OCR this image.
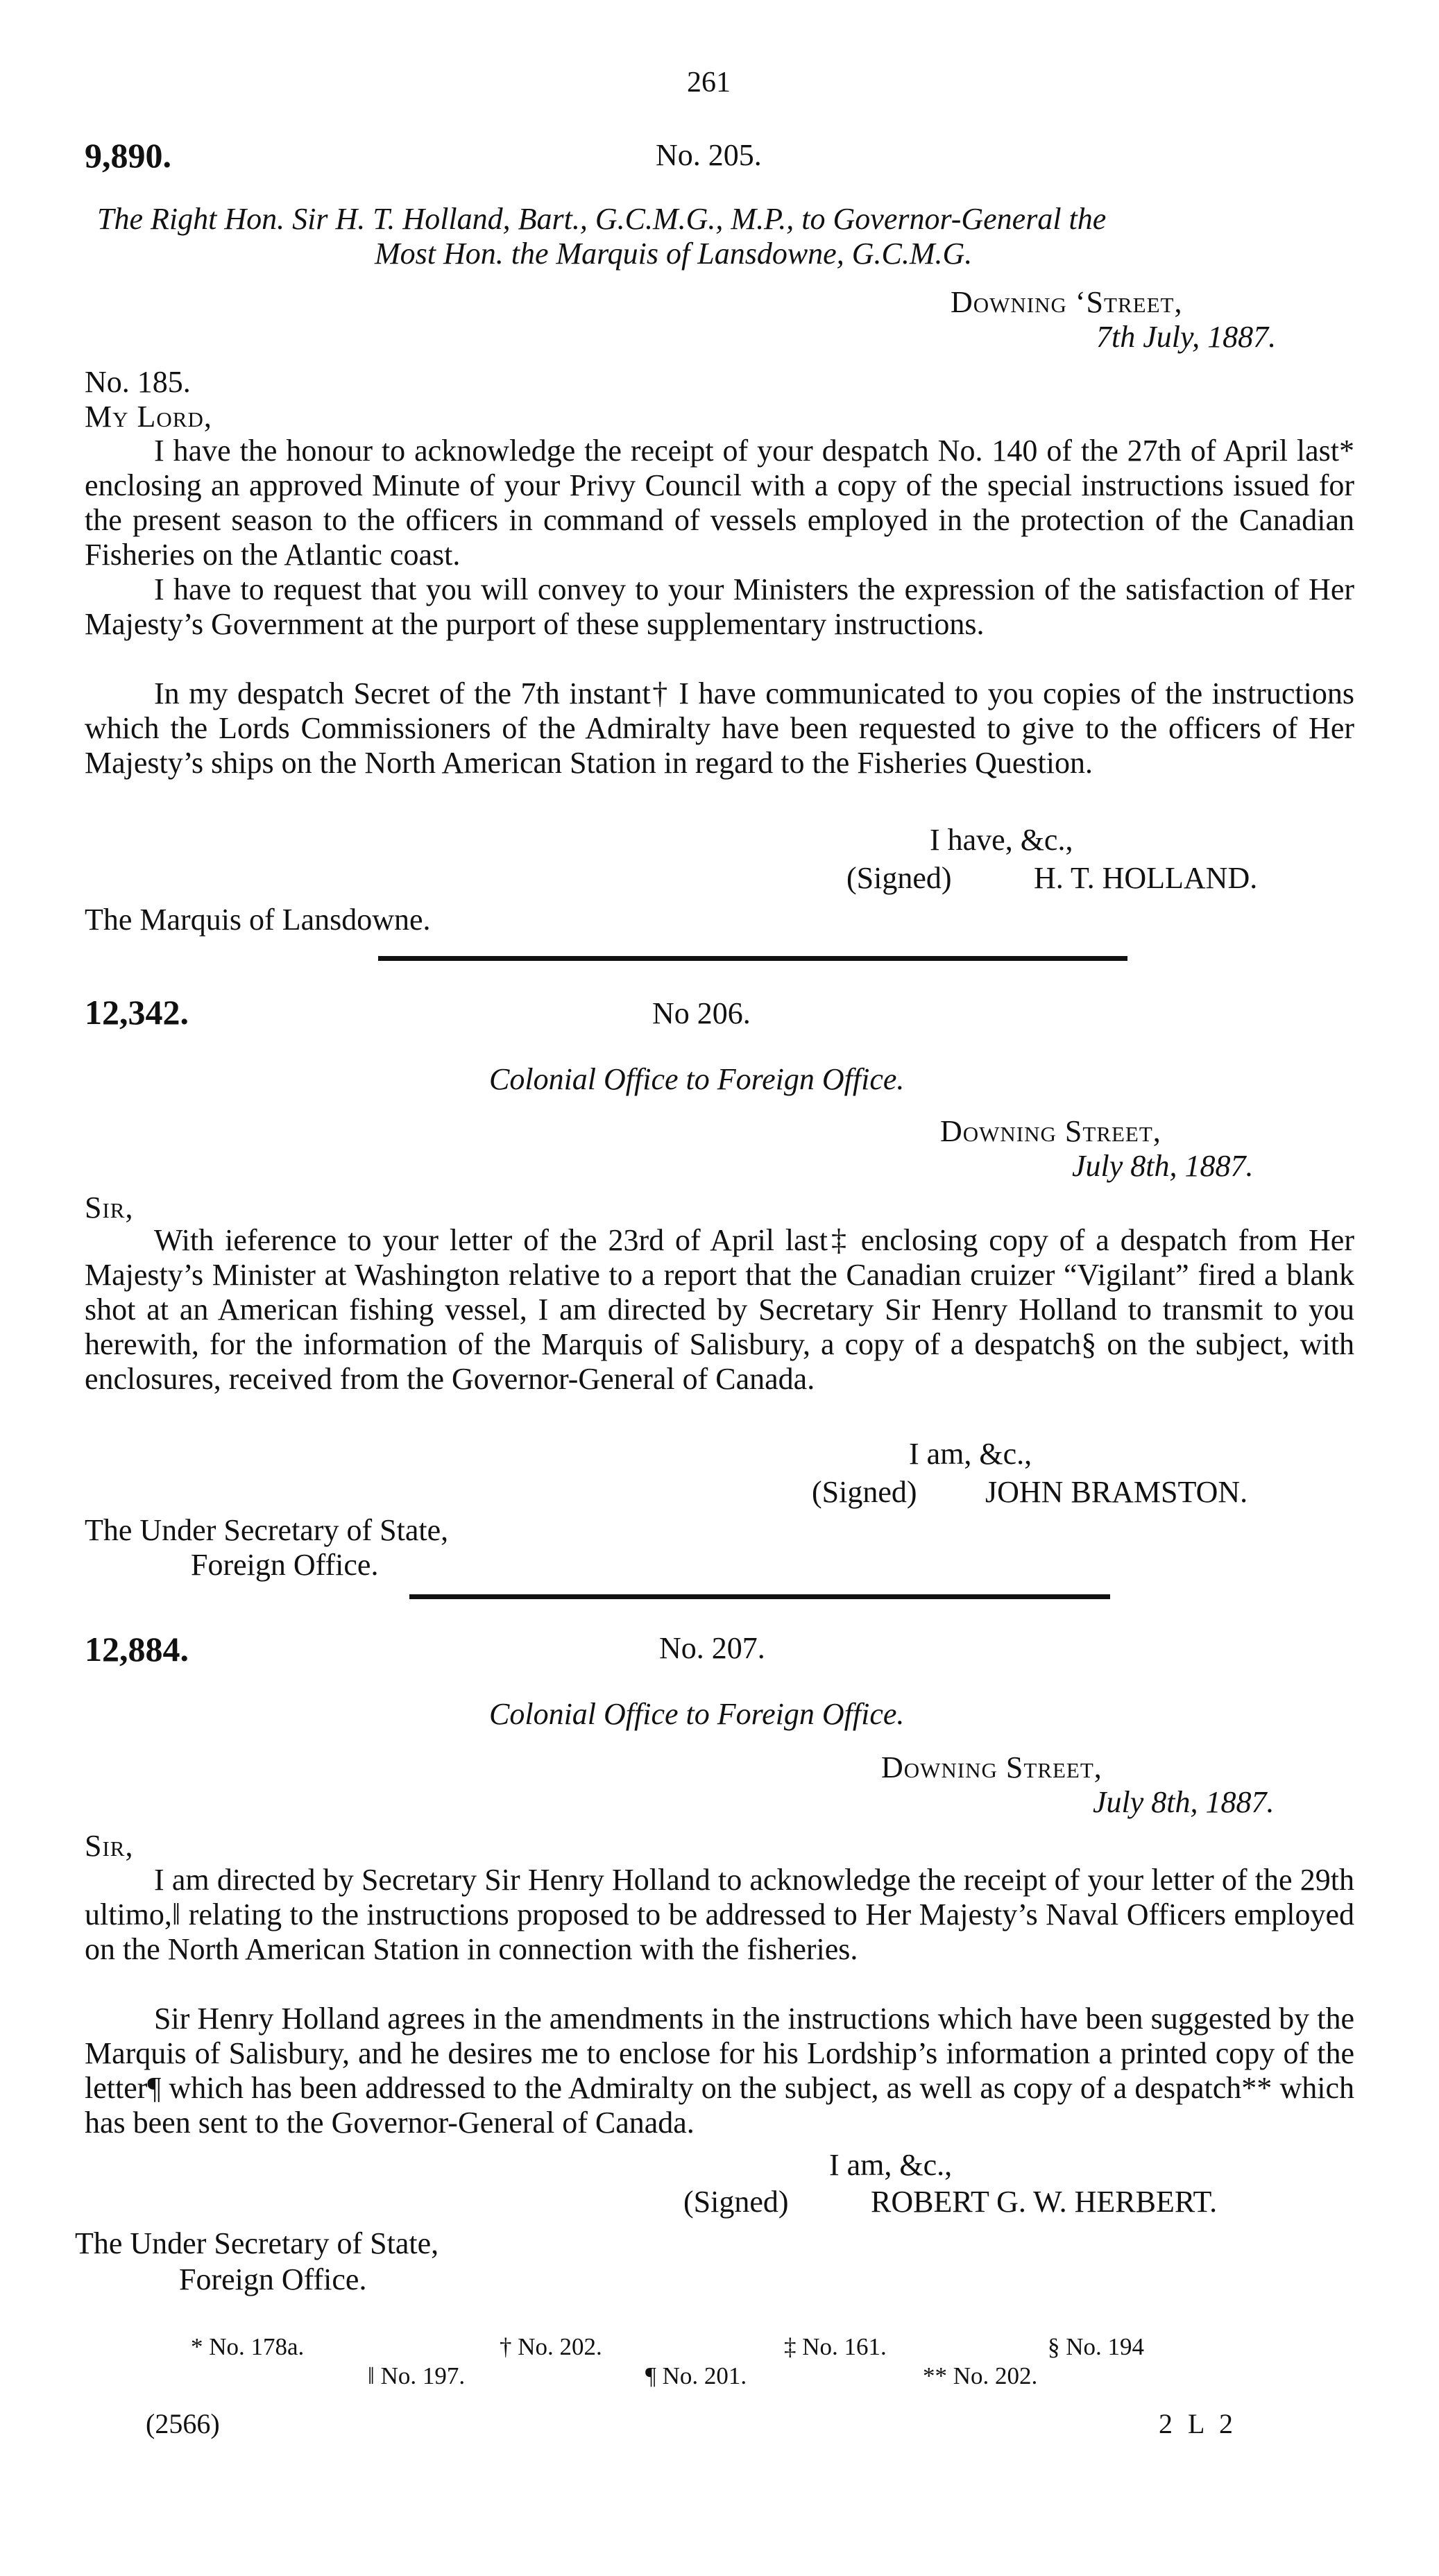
261
9,890.	No. 205.
The Right Hon. Sir H. T. Holland, Bart., G.C.M.G., M.P., to Governor-General the
Most Hon. the Marquis of Lansdowne, G.C.M.G.
Downing ‘Street,
7th July, 1887.
No. 185.
My Lord,
I have the honour to acknowledge the receipt of your despatch No. 140 of the 27th of April last* enclosing an approved Minute of your Privy Council with a copy of the special instructions issued for the present season to the officers in command of vessels employed in the protection of the Canadian Fisheries on the Atlantic coast.
I have to request that you will convey to your Ministers the expression of the satisfaction of Her Majesty’s Government at the purport of these supplementary instructions.
In my despatch Secret of the 7th instant† I have communicated to you copies of the instructions which the Lords Commissioners of the Admiralty have been requested to give to the officers of Her Majesty’s ships on the North American Station in regard to the Fisheries Question.
I have, &c.,
(Signed)	H. T. HOLLAND.
The Marquis of Lansdowne.
12,342.	No 206.
Colonial Office to Foreign Office.
Downing Street,
July 8th, 1887.
Sir,
With ieference to your letter of the 23rd of April last‡ enclosing copy of a despatch from Her Majesty’s Minister at Washington relative to a report that the Canadian cruizer “Vigilant” fired a blank shot at an American fishing vessel, I am directed by Secretary Sir Henry Holland to transmit to you herewith, for the information of the Marquis of Salisbury, a copy of a despatch§ on the subject, with enclosures, received from the Governor-General of Canada.
I am, &c.,
(Signed) JOHN BRAMSTON.
The Under Secretary of State,
Foreign Office.
12,884.	No. 207.
Colonial Office to Foreign Office.
Downing Street,
July 8th, 1887.
Sir,
I am directed by Secretary Sir Henry Holland to acknowledge the receipt of your letter of the 29th ultimo,‖ relating to the instructions proposed to be addressed to Her Majesty’s Naval Officers employed on the North American Station in connection with the fisheries.
Sir Henry Holland agrees in the amendments in the instructions which have been suggested by the Marquis of Salisbury, and he desires me to enclose for his Lordship’s information a printed copy of the letter¶ which has been addressed to the Admiralty on the subject, as well as copy of a despatch** which has been sent to the Governor-General of Canada.
I am, &c.,
(Signed)	ROBERT G. W. HERBERT.
The Under Secretary of State,
Foreign Office.
* No. 178a.	† No. 202.	‡ No. 161.	§ No. 194
‖ No. 197.	¶ No. 201.	** No. 202.
(2566)	2 L 2
